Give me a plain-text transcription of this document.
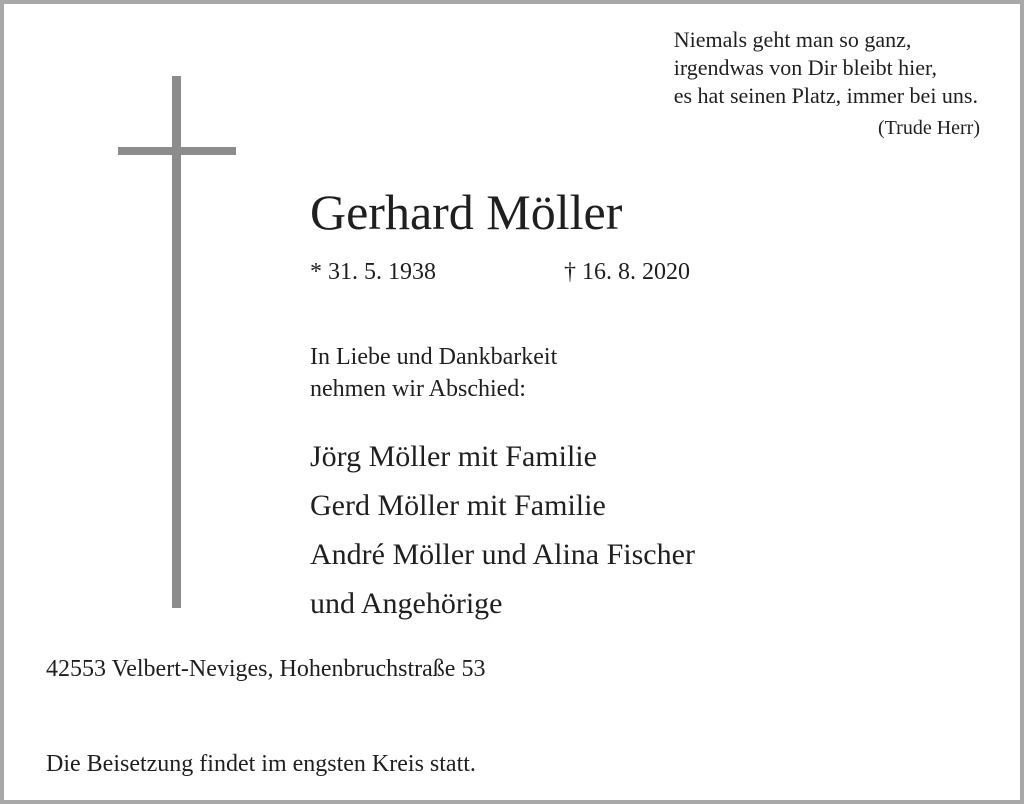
Niemals geht man so ganz,
irgendwas von Dir bleibt hier,
es hat seinen Platz, immer bei uns.
(Trude Herr)
Gerhard Möller
* 31. 5. 1938	† 16. 8. 2020
In Liebe und Dankbarkeit
nehmen wir Abschied:
Jörg Möller mit Familie
Gerd Möller mit Familie
André Möller und Alina Fischer
und Angehörige
42553 Velbert-Neviges, Hohenbruchstraße 53
Die Beisetzung findet im engsten Kreis statt.
